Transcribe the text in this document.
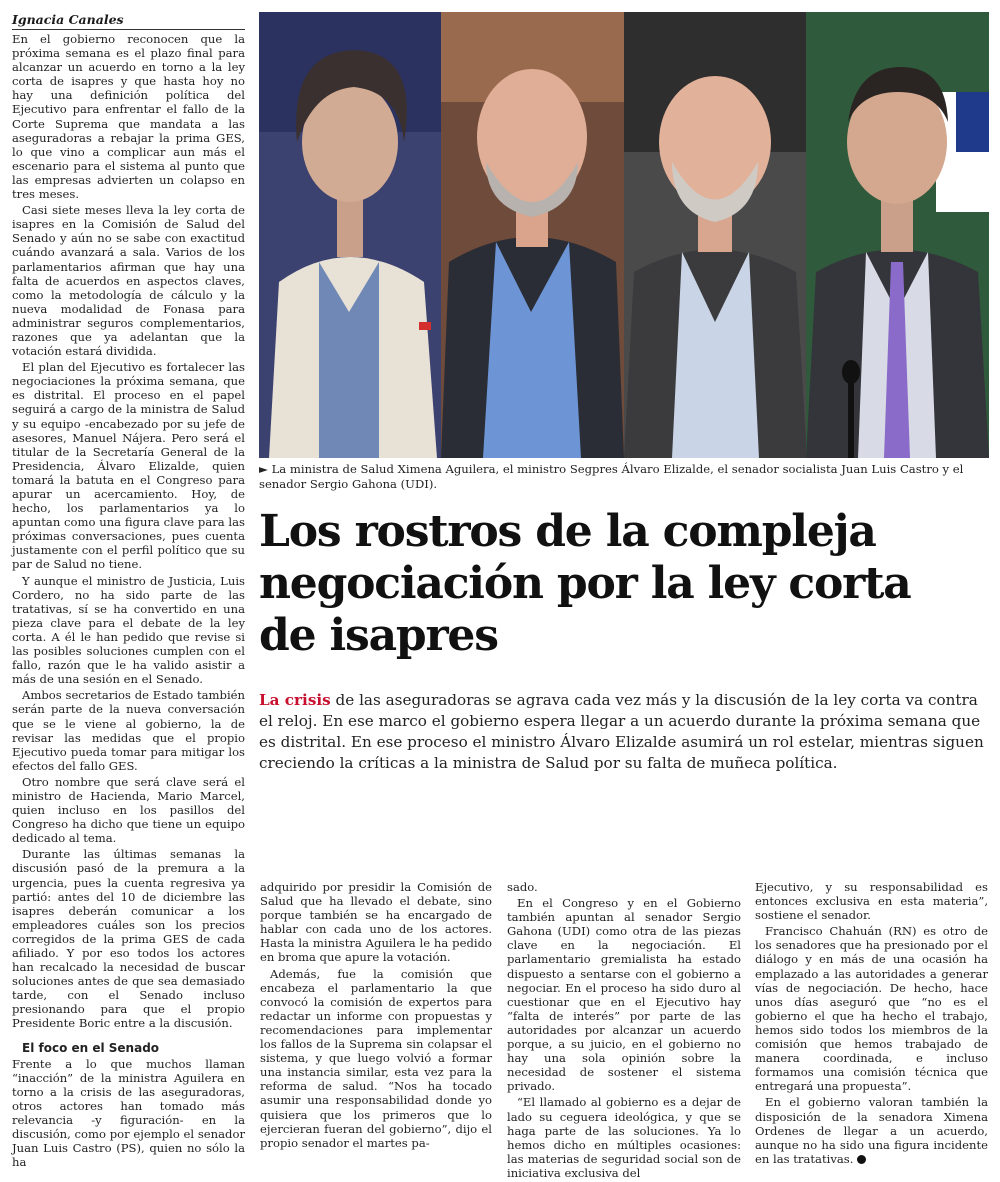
Ignacia Canales

En el gobierno reconocen que la próxima semana es el plazo final para alcanzar un acuerdo en torno a la ley corta de isapres y que hasta hoy no hay una definición política del Ejecutivo para enfrentar el fallo de la Corte Suprema que mandata a las aseguradoras a rebajar la prima GES, lo que vino a complicar aun más el escenario para el sistema al punto que las empresas advierten un colapso en tres meses.

Casi siete meses lleva la ley corta de isapres en la Comisión de Salud del Senado y aún no se sabe con exactitud cuándo avanzará a sala. Varios de los parlamentarios afirman que hay una falta de acuerdos en aspectos claves, como la metodología de cálculo y la nueva modalidad de Fonasa para administrar seguros complementarios, razones que ya adelantan que la votación estará dividida.

El plan del Ejecutivo es fortalecer las negociaciones la próxima semana, que es distrital. El proceso en el papel seguirá a cargo de la ministra de Salud y su equipo -encabezado por su jefe de asesores, Manuel Nájera. Pero será el titular de la Secretaría General de la Presidencia, Álvaro Elizalde, quien tomará la batuta en el Congreso para apurar un acercamiento. Hoy, de hecho, los parlamentarios ya lo apuntan como una figura clave para las próximas conversaciones, pues cuenta justamente con el perfil político que su par de Salud no tiene.

Y aunque el ministro de Justicia, Luis Cordero, no ha sido parte de las tratativas, sí se ha convertido en una pieza clave para el debate de la ley corta. A él le han pedido que revise si las posibles soluciones cumplen con el fallo, razón que le ha valido asistir a más de una sesión en el Senado.

Ambos secretarios de Estado también serán parte de la nueva conversación que se le viene al gobierno, la de revisar las medidas que el propio Ejecutivo pueda tomar para mitigar los efectos del fallo GES.

Otro nombre que será clave será el ministro de Hacienda, Mario Marcel, quien incluso en los pasillos del Congreso ha dicho que tiene un equipo dedicado al tema.

Durante las últimas semanas la discusión pasó de la premura a la urgencia, pues la cuenta regresiva ya partió: antes del 10 de diciembre las isapres deberán comunicar a los empleadores cuáles son los precios corregidos de la prima GES de cada afiliado. Y por eso todos los actores han recalcado la necesidad de buscar soluciones antes de que sea demasiado tarde, con el Senado incluso presionando para que el propio Presidente Boric entre a la discusión.

El foco en el Senado

Frente a lo que muchos llaman “inacción” de la ministra Aguilera en torno a la crisis de las aseguradoras, otros actores han tomado más relevancia -y figuración- en la discusión, como por ejemplo el senador Juan Luis Castro (PS), quien no sólo la ha

► La ministra de Salud Ximena Aguilera, el ministro Segpres Álvaro Elizalde, el senador socialista Juan Luis Castro y el senador Sergio Gahona (UDI).
Los rostros de la compleja negociación por la ley corta de isapres

La crisis de las aseguradoras se agrava cada vez más y la discusión de la ley corta va contra el reloj. En ese marco el gobierno espera llegar a un acuerdo durante la próxima semana que es distrital. En ese proceso el ministro Álvaro Elizalde asumirá un rol estelar, mientras siguen creciendo la críticas a la ministra de Salud por su falta de muñeca política.

adquirido por presidir la Comisión de Salud que ha llevado el debate, sino porque también se ha encargado de hablar con cada uno de los actores. Hasta la ministra Aguilera le ha pedido en broma que apure la votación.

Además, fue la comisión que encabeza el parlamentario la que convocó la comisión de expertos para redactar un informe con propuestas y recomendaciones para implementar los fallos de la Suprema sin colapsar el sistema, y que luego volvió a formar una instancia similar, esta vez para la reforma de salud. “Nos ha tocado asumir una responsabilidad donde yo quisiera que los primeros que lo ejercieran fueran del gobierno”, dijo el propio senador el martes pa-

sado.

En el Congreso y en el Gobierno también apuntan al senador Sergio Gahona (UDI) como otra de las piezas clave en la negociación. El parlamentario gremialista ha estado dispuesto a sentarse con el gobierno a negociar. En el proceso ha sido duro al cuestionar que en el Ejecutivo hay “falta de interés” por parte de las autoridades por alcanzar un acuerdo porque, a su juicio, en el gobierno no hay una sola opinión sobre la necesidad de sostener el sistema privado.

“El llamado al gobierno es a dejar de lado su ceguera ideológica, y que se haga parte de las soluciones. Ya lo hemos dicho en múltiples ocasiones: las materias de seguridad social son de iniciativa exclusiva del

Ejecutivo, y su responsabilidad es entonces exclusiva en esta materia”, sostiene el senador.

Francisco Chahuán (RN) es otro de los senadores que ha presionado por el diálogo y en más de una ocasión ha emplazado a las autoridades a generar vías de negociación. De hecho, hace unos días aseguró que “no es el gobierno el que ha hecho el trabajo, hemos sido todos los miembros de la comisión que hemos trabajado de manera coordinada, e incluso formamos una comisión técnica que entregará una propuesta”.

En el gobierno valoran también la disposición de la senadora Ximena Ordenes de llegar a un acuerdo, aunque no ha sido una figura incidente en las tratativas.
